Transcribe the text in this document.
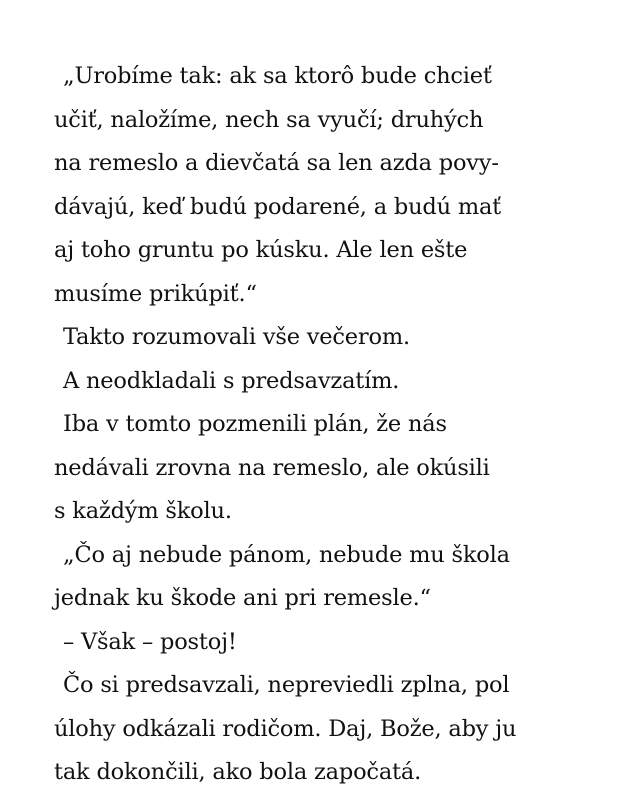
„Urobíme tak: ak sa ktorô bude chcieť
učiť, naložíme, nech sa vyučí; druhých
na remeslo a dievčatá sa len azda povy-
dávajú, keď budú podarené, a budú mať
aj toho gruntu po kúsku. Ale len ešte
musíme prikúpiť.“
Takto rozumovali vše večerom.
A neodkladali s predsavzatím.
Iba v tomto pozmenili plán, že nás
nedávali zrovna na remeslo, ale okúsili
s každým školu.
„Čo aj nebude pánom, nebude mu škola
jednak ku škode ani pri remesle.“
– Však – postoj!
Čo si predsavzali, nepreviedli zplna, pol
úlohy odkázali rodičom. Daj, Bože, aby ju
tak dokončili, ako bola započatá.
